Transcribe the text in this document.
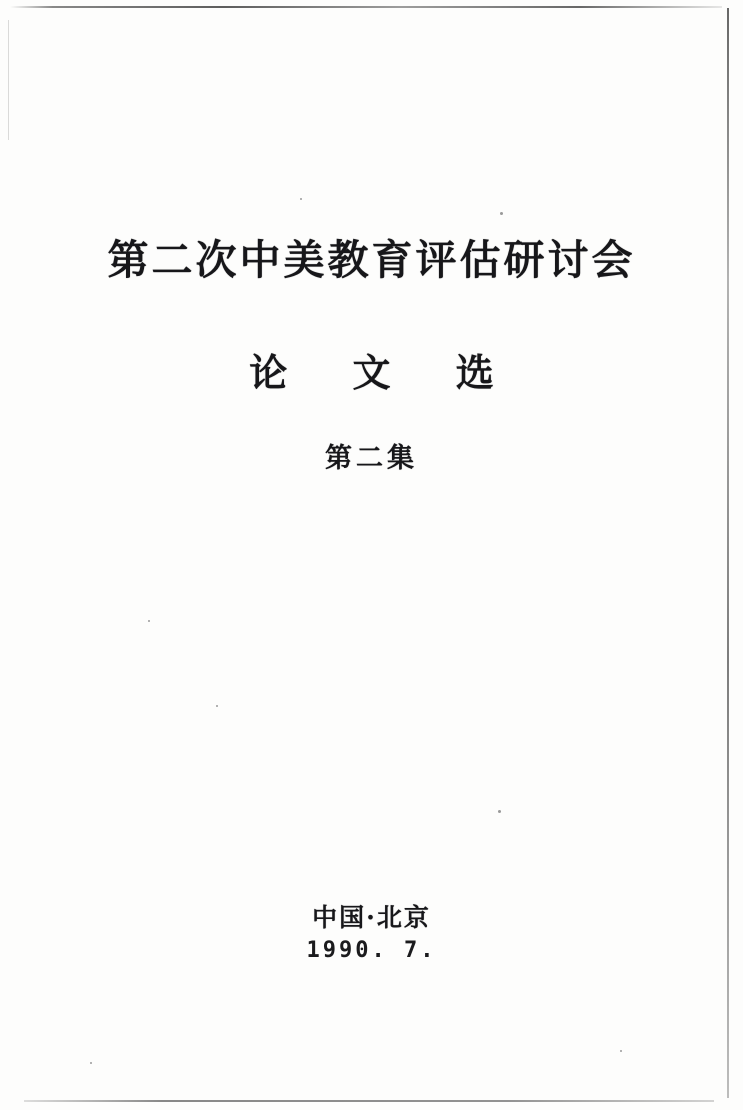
第二次中美教育评估研讨会
论 文 选
第二集
中国·北京
1990. 7.
